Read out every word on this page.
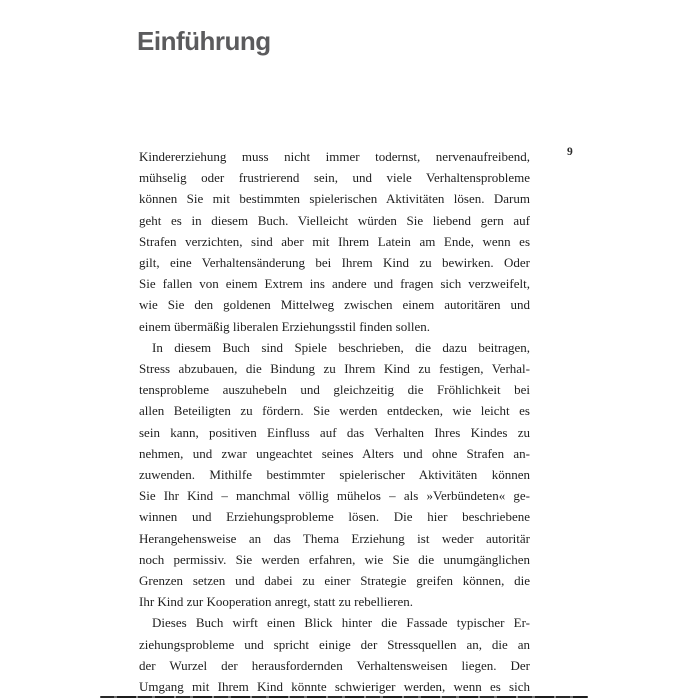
Einführung
9
Kindererziehung muss nicht immer todernst, nervenaufreibend,
mühselig oder frustrierend sein, und viele Verhaltensprobleme
können Sie mit bestimmten spielerischen Aktivitäten lösen. Darum
geht es in diesem Buch. Vielleicht würden Sie liebend gern auf
Strafen verzichten, sind aber mit Ihrem Latein am Ende, wenn es
gilt, eine Verhaltensänderung bei Ihrem Kind zu bewirken. Oder
Sie fallen von einem Extrem ins andere und fragen sich verzweifelt,
wie Sie den goldenen Mittelweg zwischen einem autoritären und
einem übermäßig liberalen Erziehungsstil finden sollen.
In diesem Buch sind Spiele beschrieben, die dazu beitragen,
Stress abzubauen, die Bindung zu Ihrem Kind zu festigen, Verhal-
tensprobleme auszuhebeln und gleichzeitig die Fröhlichkeit bei
allen Beteiligten zu fördern. Sie werden entdecken, wie leicht es
sein kann, positiven Einfluss auf das Verhalten Ihres Kindes zu
nehmen, und zwar ungeachtet seines Alters und ohne Strafen an-
zuwenden. Mithilfe bestimmter spielerischer Aktivitäten können
Sie Ihr Kind – manchmal völlig mühelos – als »Verbündeten« ge-
winnen und Erziehungsprobleme lösen. Die hier beschriebene
Herangehensweise an das Thema Erziehung ist weder autoritär
noch permissiv. Sie werden erfahren, wie Sie die unumgänglichen
Grenzen setzen und dabei zu einer Strategie greifen können, die
Ihr Kind zur Kooperation anregt, statt zu rebellieren.
Dieses Buch wirft einen Blick hinter die Fassade typischer Er-
ziehungsprobleme und spricht einige der Stressquellen an, die an
der Wurzel der herausfordernden Verhaltensweisen liegen. Der
Umgang mit Ihrem Kind könnte schwieriger werden, wenn es sich
